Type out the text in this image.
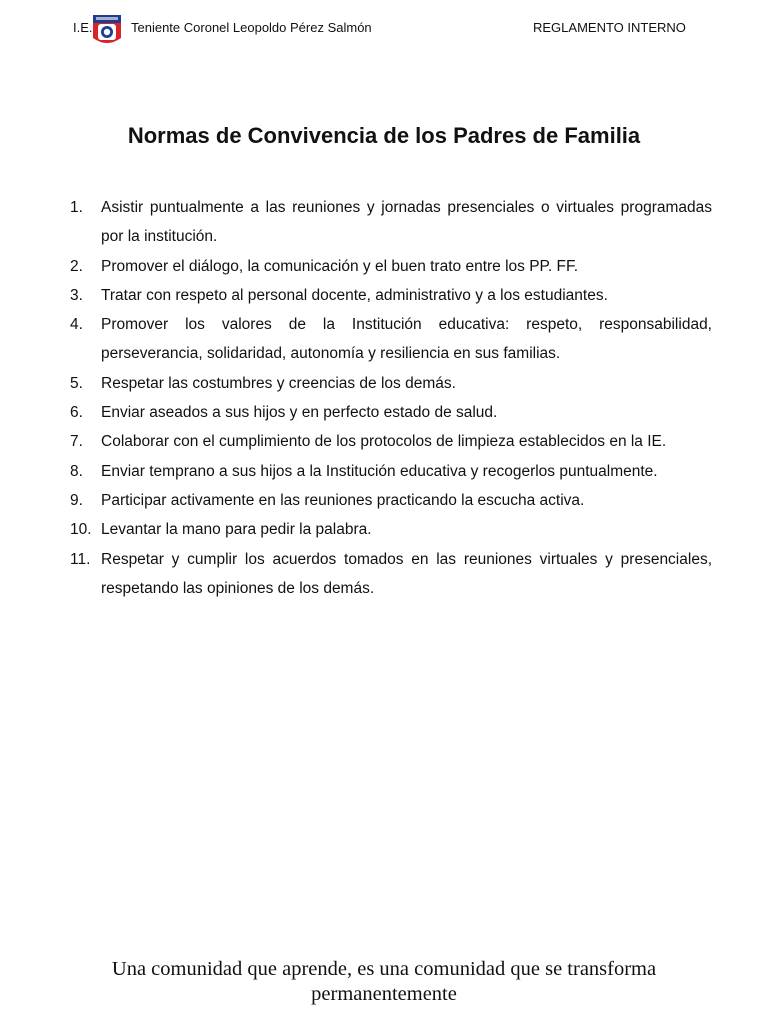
I.E.	Teniente Coronel Leopoldo Pérez Salmón	REGLAMENTO INTERNO
Normas de Convivencia de los Padres de Familia
1. Asistir puntualmente a las reuniones y jornadas presenciales o virtuales programadas por la institución.
2. Promover el diálogo, la comunicación y el buen trato entre los PP. FF.
3. Tratar con respeto al personal docente, administrativo y a los estudiantes.
4. Promover los valores de la Institución educativa: respeto, responsabilidad, perseverancia, solidaridad, autonomía y resiliencia en sus familias.
5. Respetar las costumbres y creencias de los demás.
6. Enviar aseados a sus hijos y en perfecto estado de salud.
7. Colaborar con el cumplimiento de los protocolos de limpieza establecidos en la IE.
8. Enviar temprano a sus hijos a la Institución educativa y recogerlos puntualmente.
9. Participar activamente en las reuniones practicando la escucha activa.
10. Levantar la mano para pedir la palabra.
11. Respetar y cumplir los acuerdos tomados en las reuniones virtuales y presenciales, respetando las opiniones de los demás.
Una comunidad que aprende, es una comunidad que se transforma
permanentemente
